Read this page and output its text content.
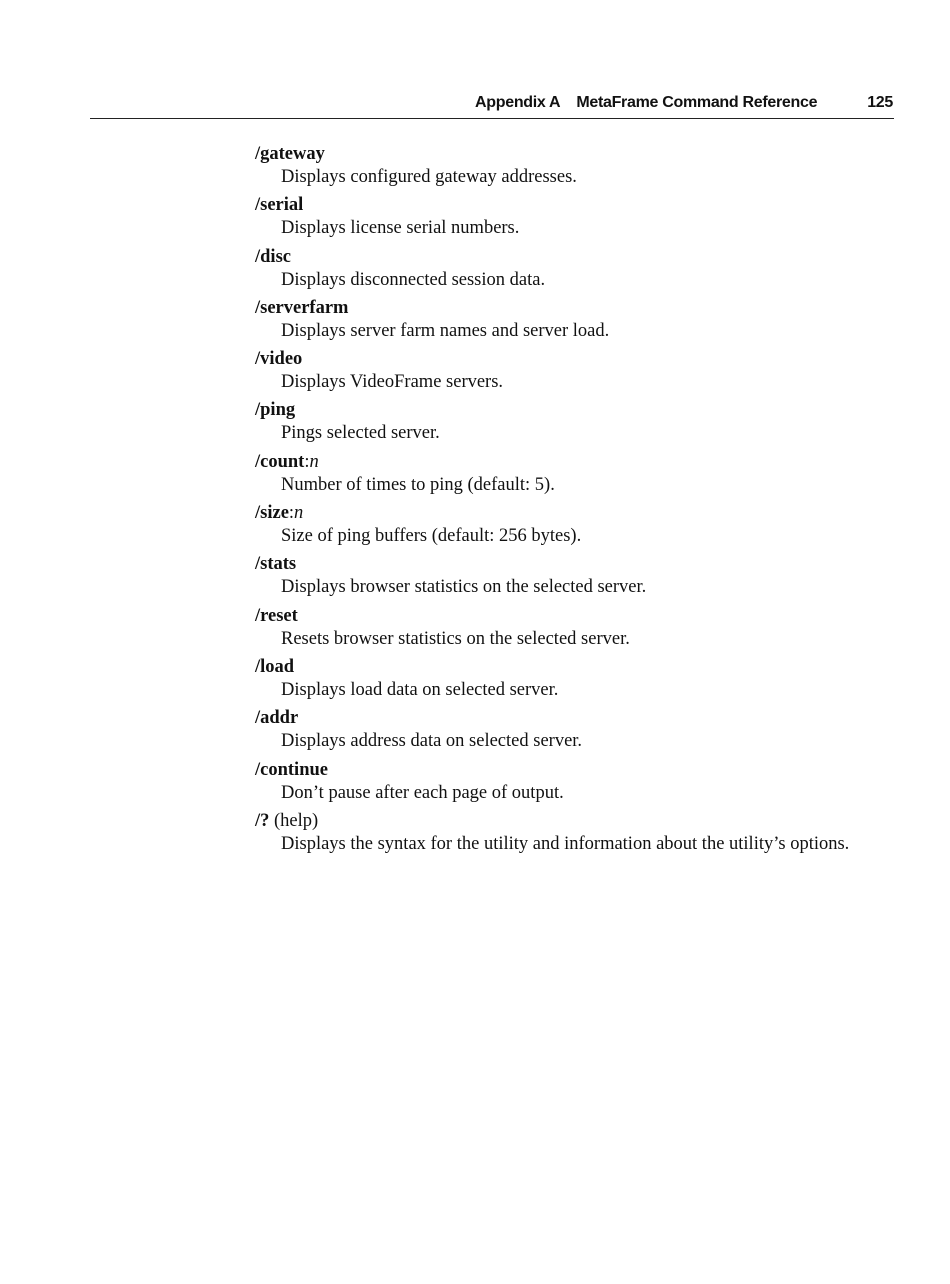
Appendix A MetaFrame Command Reference	125
/gateway
Displays configured gateway addresses.
/serial
Displays license serial numbers.
/disc
Displays disconnected session data.
/serverfarm
Displays server farm names and server load.
/video
Displays VideoFrame servers.
/ping
Pings selected server.
/count:n
Number of times to ping (default: 5).
/size:n
Size of ping buffers (default: 256 bytes).
/stats
Displays browser statistics on the selected server.
/reset
Resets browser statistics on the selected server.
/load
Displays load data on selected server.
/addr
Displays address data on selected server.
/continue
Don’t pause after each page of output.
/? (help)
Displays the syntax for the utility and information about the utility’s options.
